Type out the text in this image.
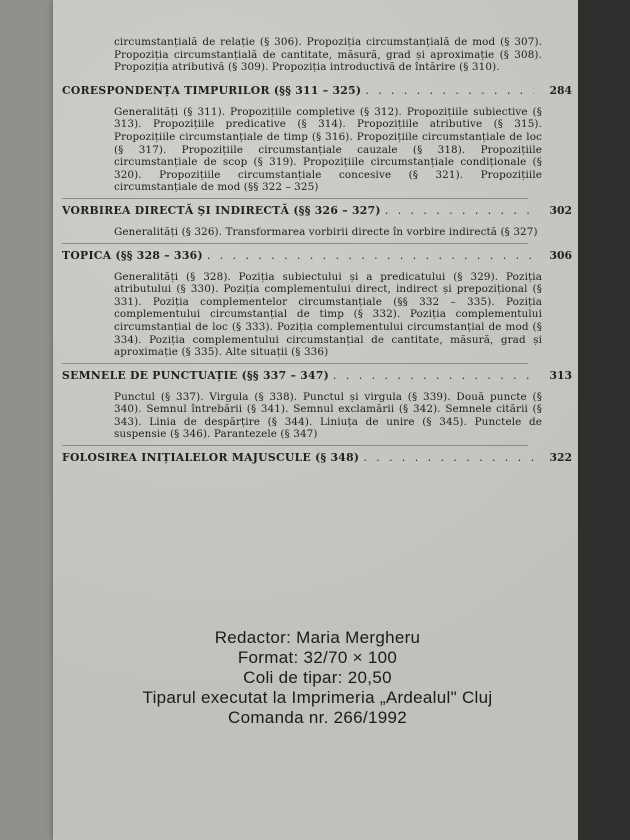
circumstanțială de relație (§ 306). Propoziția circumstanțială de mod (§ 307). Propoziția circumstanțială de cantitate, măsură, grad și aproximație (§ 308). Propoziția atributivă (§ 309). Propoziția introductivă de întărire (§ 310).
CORESPONDENȚA TIMPURILOR (§§ 311 – 325) . . .	284
Generalități (§ 311). Propozițiile completive (§ 312). Propozițiile subiective (§ 313). Propozițiile predicative (§ 314). Propozițiile atributive (§ 315). Propozițiile circumstanțiale de timp (§ 316). Propozițiile circumstanțiale de loc (§ 317). Propozițiile circumstanțiale cauzale (§ 318). Propozițiile circumstanțiale de scop (§ 319). Propozițiile circumstanțiale condiționale (§ 320). Propozițiile circumstanțiale concesive (§ 321). Propozițiile circumstanțiale de mod (§§ 322 – 325)
VORBIREA DIRECTĂ ȘI INDIRECTĂ (§§ 326 – 327) . . .	302
Generalități (§ 326). Transformarea vorbirii directe în vorbire indirectă (§ 327)
TOPICA (§§ 328 – 336) . . .	306
Generalități (§ 328). Poziția subiectului și a predicatului (§ 329). Poziția atributului (§ 330). Poziția complementului direct, indirect și prepozițional (§ 331). Poziția complementelor circumstanțiale (§§ 332 – 335). Poziția complementului circumstanțial de timp (§ 332). Poziția complementului circumstanțial de loc (§ 333). Poziția complementului circumstanțial de mod (§ 334). Poziția complementului circumstanțial de cantitate, măsură, grad și aproximație (§ 335). Alte situații (§ 336)
SEMNELE DE PUNCTUAȚIE (§§ 337 – 347) . . .	313
Punctul (§ 337). Virgula (§ 338). Punctul și virgula (§ 339). Două puncte (§ 340). Semnul întrebării (§ 341). Semnul exclamării (§ 342). Semnele citării (§ 343). Linia de despărțire (§ 344). Liniuța de unire (§ 345). Punctele de suspensie (§ 346). Parantezele (§ 347)
FOLOSIREA INIȚIALELOR MAJUSCULE (§ 348) . . .	322
Redactor: Maria Mergheru
Format: 32/70 × 100
Coli de tipar: 20,50
Tiparul executat la Imprimeria „Ardealul" Cluj
Comanda nr. 266/1992
